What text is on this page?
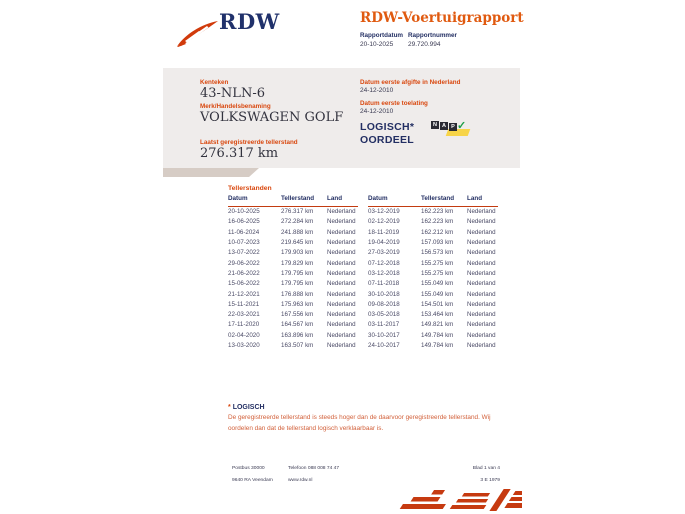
RDW	RDW-Voertuigrapport
Rapportdatum
20-10-2025
Rapportnummer
29.720.994
Kenteken
43-NLN-6
Merk/Handelsbenaming
VOLKSWAGEN GOLF
Laatst geregistreerde tellerstand
276.317 km
Datum eerste afgifte in Nederland
24-12-2010
Datum eerste toelating
24-12-2010
LOGISCH*
OORDEEL
N A P ✓
Tellerstanden
Datum	Tellerstand	Land
20-10-2025	276.317 km	Nederland
16-06-2025	272.284 km	Nederland
11-06-2024	241.888 km	Nederland
10-07-2023	219.645 km	Nederland
13-07-2022	179.903 km	Nederland
29-06-2022	179.829 km	Nederland
21-06-2022	179.795 km	Nederland
15-06-2022	179.795 km	Nederland
21-12-2021	176.888 km	Nederland
15-11-2021	175.963 km	Nederland
22-03-2021	167.556 km	Nederland
17-11-2020	164.567 km	Nederland
02-04-2020	163.896 km	Nederland
13-03-2020	163.507 km	Nederland
Datum	Tellerstand	Land
03-12-2019	162.223 km	Nederland
02-12-2019	162.223 km	Nederland
18-11-2019	162.212 km	Nederland
19-04-2019	157.093 km	Nederland
27-03-2019	156.573 km	Nederland
07-12-2018	155.275 km	Nederland
03-12-2018	155.275 km	Nederland
07-11-2018	155.049 km	Nederland
30-10-2018	155.049 km	Nederland
09-08-2018	154.501 km	Nederland
03-05-2018	153.464 km	Nederland
03-11-2017	149.821 km	Nederland
30-10-2017	149.784 km	Nederland
24-10-2017	149.784 km	Nederland
* LOGISCH
De geregistreerde tellerstand is steeds hoger dan de daarvoor geregistreerde tellerstand. Wij oordelen dan dat de tellerstand logisch verklaarbaar is.
Postbus 30000
9640 RA Veendam
Telefoon 088 008 74 47
www.rdw.nl
Blad 1 van 4
3 E 1979
